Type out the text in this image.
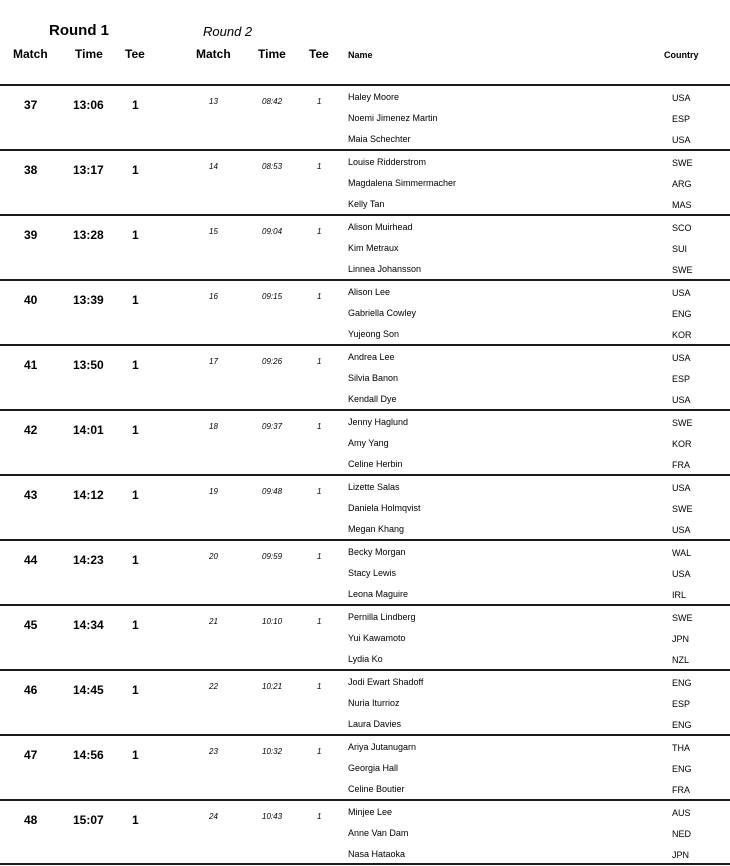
Round 1	Round 2
Match Time Tee	Match Time Tee Name	Country
37	13:06 1	13	08:42	1	Haley Moore	USA
Noemi Jimenez Martin	ESP
Maia Schechter	USA
38	13:17 1	14	08:53	1	Louise Ridderstrom	SWE
Magdalena Simmermacher	ARG
Kelly Tan	MAS
39	13:28 1	15	09:04	1	Alison Muirhead	SCO
Kim Metraux	SUI
Linnea Johansson	SWE
40	13:39 1	16	09:15	1	Alison Lee	USA
Gabriella Cowley	ENG
Yujeong Son	KOR
41	13:50 1	17	09:26	1	Andrea Lee	USA
Silvia Banon	ESP
Kendall Dye	USA
42	14:01 1	18	09:37	1	Jenny Haglund	SWE
Amy Yang	KOR
Celine Herbin	FRA
43	14:12 1	19	09:48	1	Lizette Salas	USA
Daniela Holmqvist	SWE
Megan Khang	USA
44	14:23 1	20	09:59	1	Becky Morgan	WAL
Stacy Lewis	USA
Leona Maguire	IRL
45	14:34 1	21	10:10	1	Pernilla Lindberg	SWE
Yui Kawamoto	JPN
Lydia Ko	NZL
46	14:45 1	22	10:21	1	Jodi Ewart Shadoff	ENG
Nuria Iturrioz	ESP
Laura Davies	ENG
47	14:56 1	23	10:32	1	Ariya Jutanugarn	THA
Georgia Hall	ENG
Celine Boutier	FRA
48	15:07 1	24	10:43	1	Minjee Lee	AUS
Anne Van Dam	NED
Nasa Hataoka	JPN
